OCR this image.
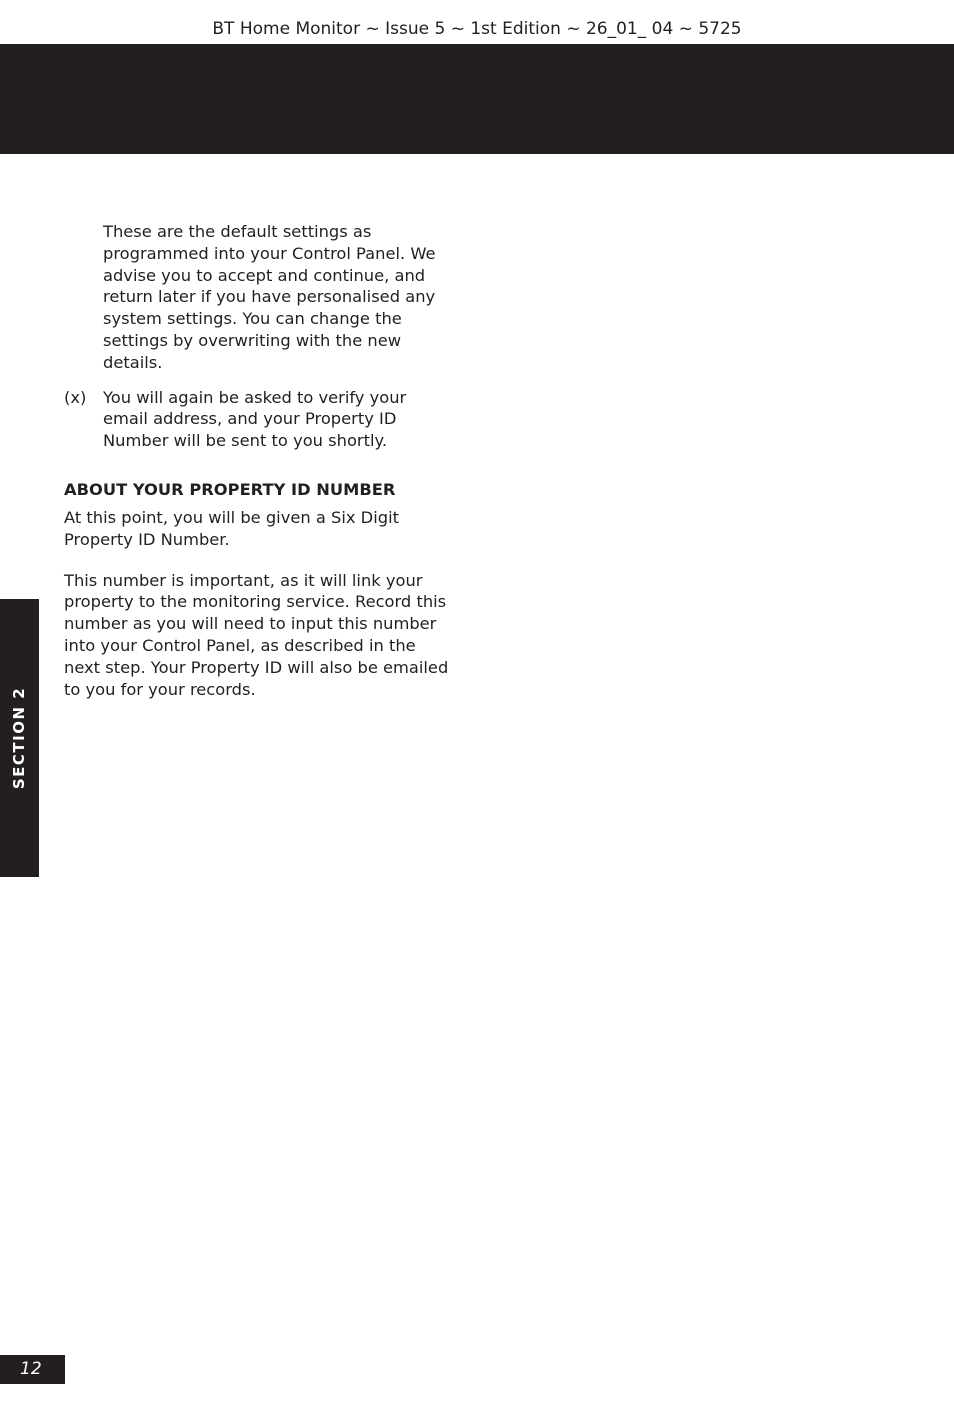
BT Home Monitor ~ Issue 5 ~ 1st Edition ~ 26_01_ 04 ~ 5725

These are the default settings as programmed into your Control Panel. We advise you to accept and continue, and return later if you have personalised any system settings. You can change the settings by overwriting with the new details.

(x)	You will again be asked to verify your email address, and your Property ID Number will be sent to you shortly.
ABOUT YOUR PROPERTY ID NUMBER

At this point, you will be given a Six Digit Property ID Number.

This number is important, as it will link your property to the monitoring service. Record this number as you will need to input this number into your Control Panel, as described in the next step. Your Property ID will also be emailed to you for your records.

SECTION 2
12
